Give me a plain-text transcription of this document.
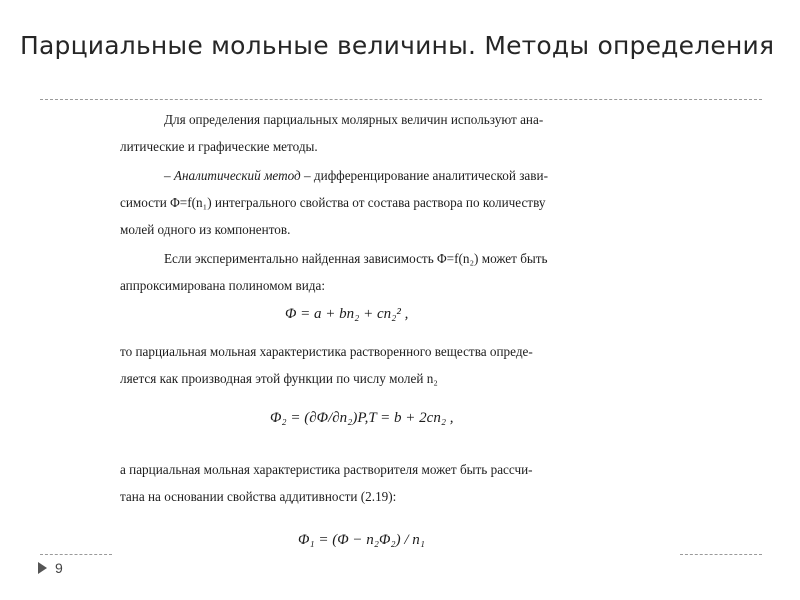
Парциальные мольные величины. Методы определения
Для определения парциальных молярных величин используют ана-
литические и графические методы.
– Аналитический метод – дифференцирование аналитической зави-
симости Φ=f(n₁) интегрального свойства от состава раствора по количеству
молей одного из компонентов.
Если экспериментально найденная зависимость Φ=f(n₂) может быть
аппроксимирована полиномом вида:
Φ = a + bn₂ + cn₂² ,
то парциальная мольная характеристика растворенного вещества опреде-
ляется как производная этой функции по числу молей n₂
Φ₂ = (∂Φ/∂n₂)P,T = b + 2cn₂ ,
а парциальная мольная характеристика растворителя может быть рассчи-
тана на основании свойства аддитивности (2.19):
Φ₁ = (Φ − n₂Φ₂) / n₁
9
